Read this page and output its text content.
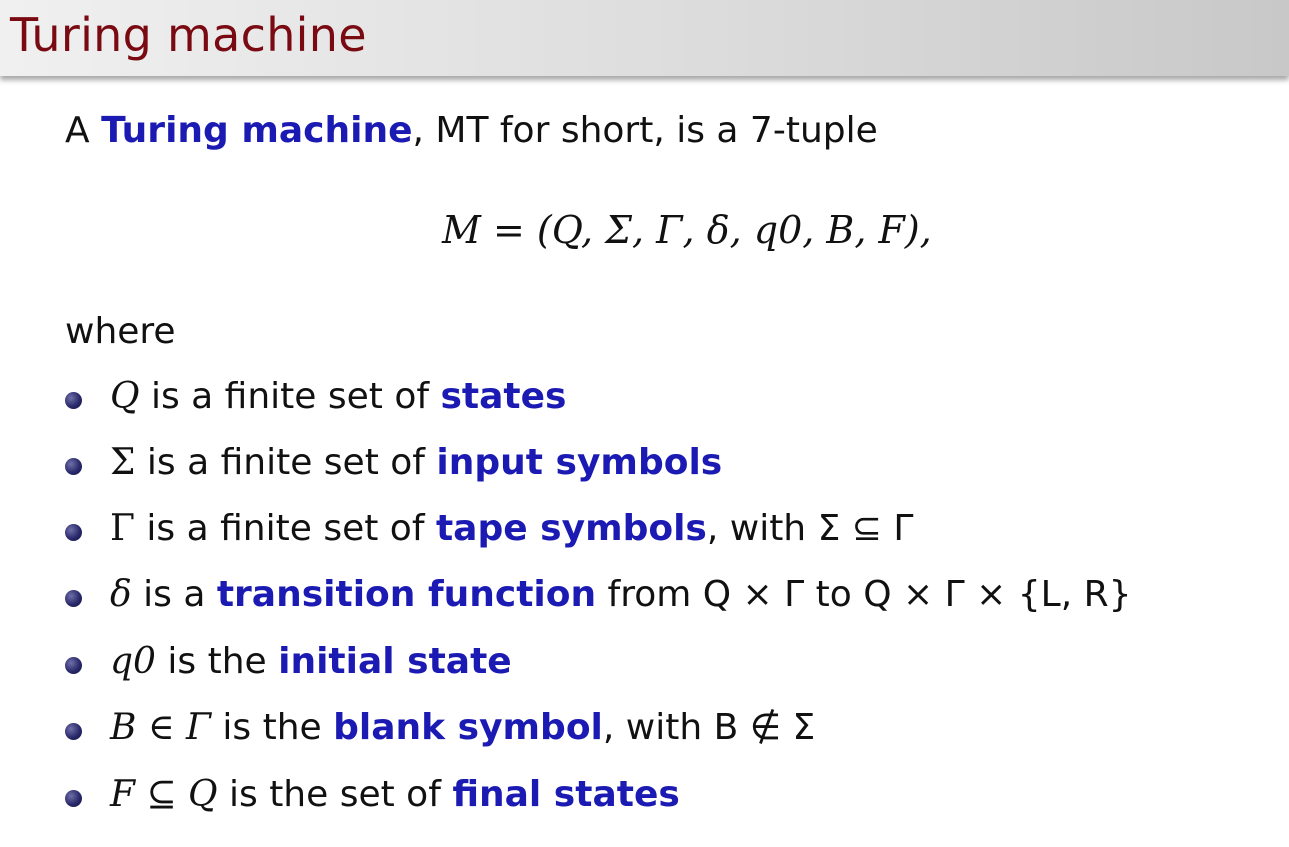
Turing machine
A Turing machine, MT for short, is a 7-tuple
M = (Q, Σ, Γ, δ, q0, B, F),
where
Q is a finite set of states
Σ is a finite set of input symbols
Γ is a finite set of tape symbols, with Σ ⊆ Γ
δ is a transition function from Q × Γ to Q × Γ × {L, R}
q0 is the initial state
B ∈ Γ is the blank symbol, with B ∉ Σ
F ⊆ Q is the set of final states
